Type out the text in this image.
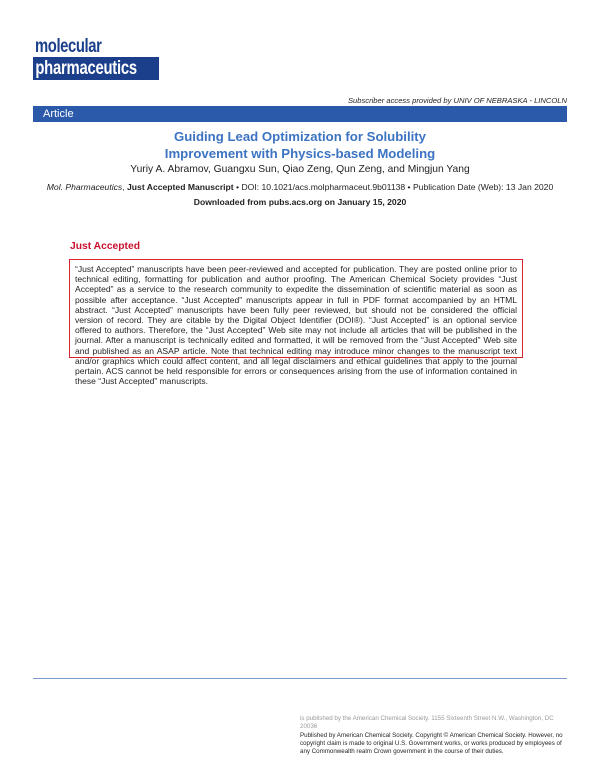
molecular
pharmaceutics
Subscriber access provided by UNIV OF NEBRASKA - LINCOLN
Article
Guiding Lead Optimization for Solubility
Improvement with Physics-based Modeling
Yuriy A. Abramov, Guangxu Sun, Qiao Zeng, Qun Zeng, and Mingjun Yang
Mol. Pharmaceutics, Just Accepted Manuscript • DOI: 10.1021/acs.molpharmaceut.9b01138 • Publication Date (Web): 13 Jan 2020
Downloaded from pubs.acs.org on January 15, 2020
Just Accepted

“Just Accepted” manuscripts have been peer-reviewed and accepted for publication. They are posted online prior to technical editing, formatting for publication and author proofing. The American Chemical Society provides “Just Accepted” as a service to the research community to expedite the dissemination of scientific material as soon as possible after acceptance. “Just Accepted” manuscripts appear in full in PDF format accompanied by an HTML abstract. “Just Accepted” manuscripts have been fully peer reviewed, but should not be considered the official version of record. They are citable by the Digital Object Identifier (DOI®). “Just Accepted” is an optional service offered to authors. Therefore, the “Just Accepted” Web site may not include all articles that will be published in the journal. After a manuscript is technically edited and formatted, it will be removed from the “Just Accepted” Web site and published as an ASAP article. Note that technical editing may introduce minor changes to the manuscript text and/or graphics which could affect content, and all legal disclaimers and ethical guidelines that apply to the journal pertain. ACS cannot be held responsible for errors or consequences arising from the use of information contained in these “Just Accepted” manuscripts.

is published by the American Chemical Society. 1155 Sixteenth Street N.W., Washington, DC 20036
Published by American Chemical Society. Copyright © American Chemical Society. However, no copyright claim is made to original U.S. Government works, or works produced by employees of any Commonwealth realm Crown government in the course of their duties.
